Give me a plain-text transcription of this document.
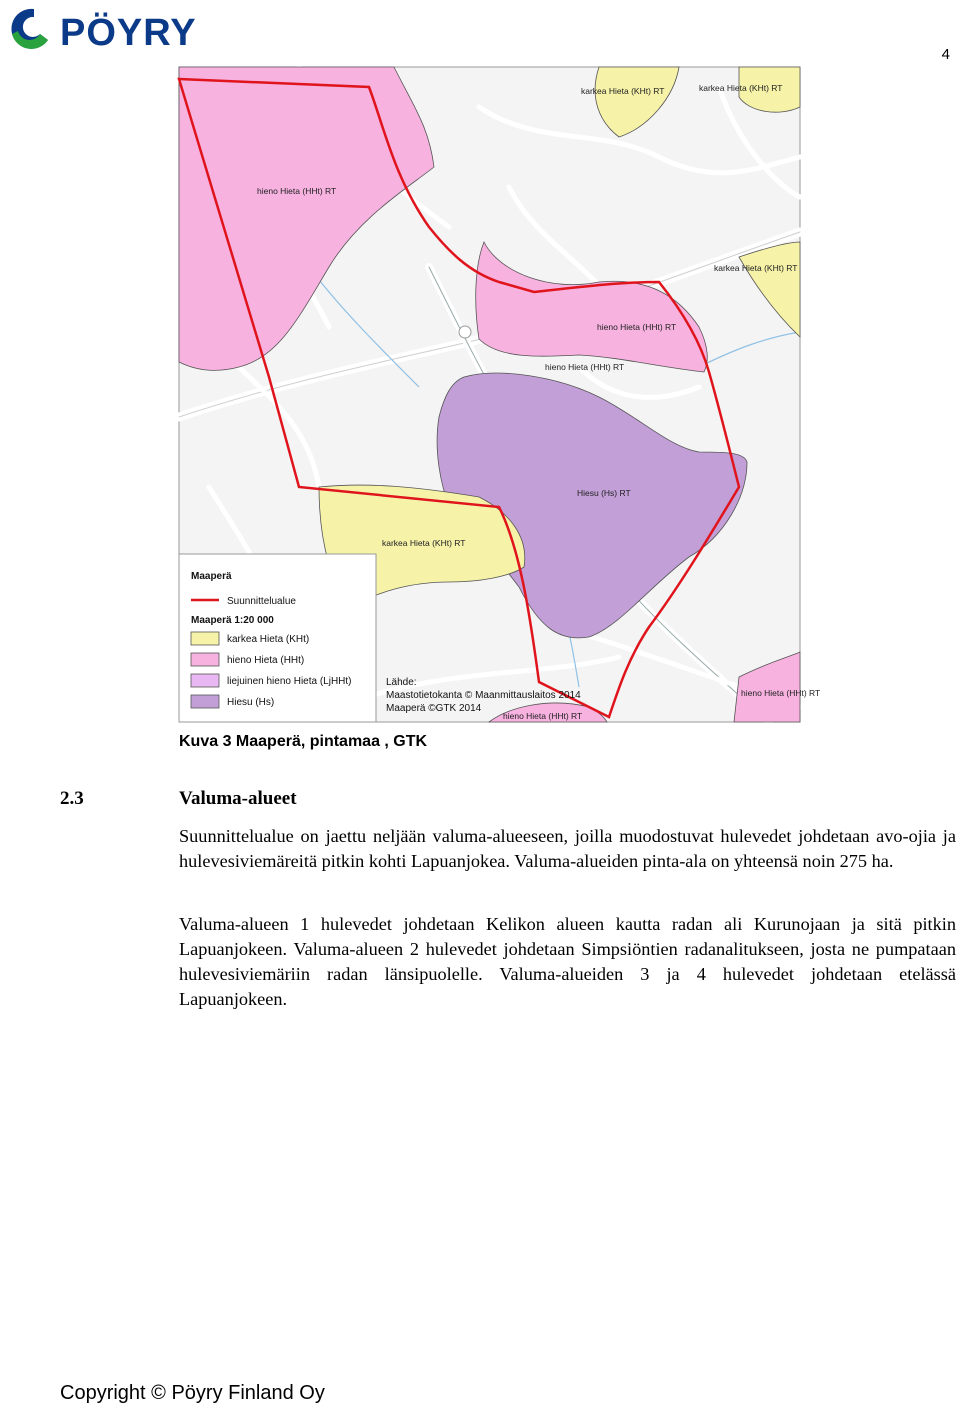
PÖYRY
4
karkea Hieta (KHt) RT	karkea Hieta (KHt) RT
hieno Hieta (HHt) RT
karkea Hieta (KHt) RT
hieno Hieta (HHt) RT
hieno Hieta (HHt) RT
Hiesu (Hs) RT
karkea Hieta (KHt) RT
hieno Hieta (HHt) RT
hieno Hieta (HHt) RT
Maaperä
Suunnittelualue
Maaperä 1:20 000
karkea Hieta (KHt)
hieno Hieta (HHt)
liejuinen hieno Hieta (LjHHt)
Hiesu (Hs)
Lähde:
Maastotietokanta © Maanmittauslaitos 2014
Maaperä ©GTK 2014
Kuva 3 Maaperä, pintamaa , GTK
2.3	Valuma-alueet

Suunnittelualue on jaettu neljään valuma-alueeseen, joilla muodostuvat hulevedet johdetaan avo-ojia ja hulevesiviemäreitä pitkin kohti Lapuanjokea. Valuma-alueiden pinta-ala on yhteensä noin 275 ha.

Valuma-alueen 1 hulevedet johdetaan Kelikon alueen kautta radan ali Kurunojaan ja sitä pitkin Lapuanjokeen. Valuma-alueen 2 hulevedet johdetaan Simpsiöntien radanalitukseen, josta ne pumpataan hulevesiviemäriin radan länsipuolelle. Valuma-alueiden 3 ja 4 hulevedet johdetaan etelässä Lapuanjokeen.

Copyright © Pöyry Finland Oy
